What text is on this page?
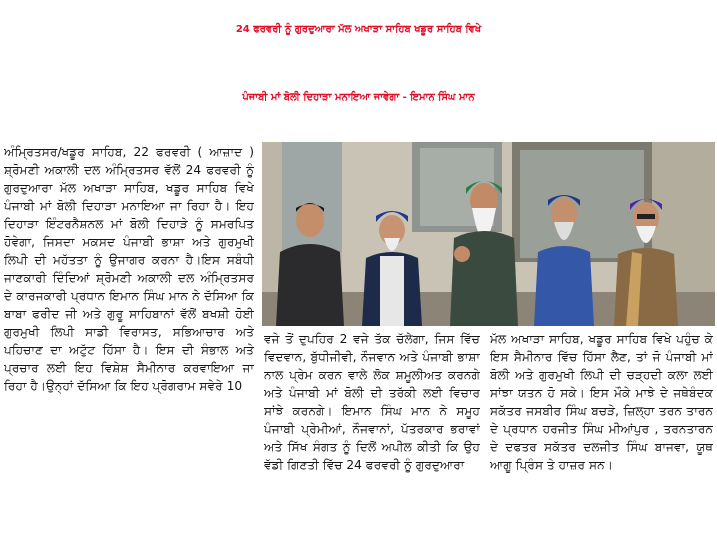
24 ਫਰਵਰੀ ਨੂੰ ਗੁਰਦੁਆਰਾ ਮੱਲ ਅਖਾੜਾ ਸਾਹਿਬ ਖਡੂਰ ਸਾਹਿਬ ਵਿਖੇ
ਪੰਜਾਬੀ ਮਾਂ ਬੋਲੀ ਦਿਹਾੜਾ ਮਨਾਇਆ ਜਾਵੇਗਾ - ਇਮਾਨ ਸਿੰਘ ਮਾਨ
ਅੰਮ੍ਰਿਤਸਰ/ਖਡੂਰ ਸਾਹਿਬ, 22 ਫਰਵਰੀ ( ਆਜ਼ਾਦ ) ਸ਼੍ਰੋਮਣੀ ਅਕਾਲੀ ਦਲ ਅੰਮ੍ਰਿਤਸਰ ਵੱਲੋਂ 24 ਫਰਵਰੀ ਨੂੰ ਗੁਰਦੁਆਰਾ ਮੱਲ ਅਖਾੜਾ ਸਾਹਿਬ, ਖਡੂਰ ਸਾਹਿਬ ਵਿਖੇ ਪੰਜਾਬੀ ਮਾਂ ਬੋਲੀ ਦਿਹਾੜਾ ਮਨਾਇਆ ਜਾ ਰਿਹਾ ਹੈ। ਇਹ ਦਿਹਾੜਾ ਇੰਟਰਨੈਸ਼ਨਲ ਮਾਂ ਬੋਲੀ ਦਿਹਾੜੇ ਨੂੰ ਸਮਰਪਿਤ ਹੋਵੇਗਾ, ਜਿਸਦਾ ਮਕਸਦ ਪੰਜਾਬੀ ਭਾਸ਼ਾ ਅਤੇ ਗੁਰਮੁਖੀ ਲਿਪੀ ਦੀ ਮਹੱਤਤਾ ਨੂੰ ਉਜਾਗਰ ਕਰਨਾ ਹੈ।ਇਸ ਸਬੰਧੀ ਜਾਣਕਾਰੀ ਦਿੰਦਿਆਂ ਸ਼੍ਰੋਮਣੀ ਅਕਾਲੀ ਦਲ ਅੰਮ੍ਰਿਤਸਰ ਦੇ ਕਾਰਜਕਾਰੀ ਪ੍ਰਧਾਨ ਇਮਾਨ ਸਿੰਘ ਮਾਨ ਨੇ ਦੱਸਿਆ ਕਿ ਬਾਬਾ ਫਰੀਦ ਜੀ ਅਤੇ ਗੁਰੂ ਸਾਹਿਬਾਨਾਂ ਵੱਲੋਂ ਬਖਸ਼ੀ ਹੋਈ ਗੁਰਮੁਖੀ ਲਿਪੀ ਸਾਡੀ ਵਿਰਾਸਤ, ਸਭਿਆਚਾਰ ਅਤੇ ਪਹਿਚਾਣ ਦਾ ਅਟੁੱਟ ਹਿੱਸਾ ਹੈ। ਇਸ ਦੀ ਸੰਭਾਲ ਅਤੇ ਪ੍ਰਚਾਰ ਲਈ ਇਹ ਵਿਸ਼ੇਸ਼ ਸੈਮੀਨਾਰ ਕਰਵਾਇਆ ਜਾ ਰਿਹਾ ਹੈ।ਉਨ੍ਹਾਂ ਦੱਸਿਆ ਕਿ ਇਹ ਪ੍ਰੋਗਰਾਮ ਸਵੇਰੇ 10
ਵਜੇ ਤੋਂ ਦੁਪਹਿਰ 2 ਵਜੇ ਤੱਕ ਚੱਲੇਗਾ, ਜਿਸ ਵਿੱਚ ਵਿਦਵਾਨ, ਬੁੱਧੀਜੀਵੀ, ਨੌਜਵਾਨ ਅਤੇ ਪੰਜਾਬੀ ਭਾਸ਼ਾ ਨਾਲ ਪ੍ਰੇਮ ਕਰਨ ਵਾਲੇ ਲੋਕ ਸ਼ਮੂਲੀਅਤ ਕਰਨਗੇ ਅਤੇ ਪੰਜਾਬੀ ਮਾਂ ਬੋਲੀ ਦੀ ਤਰੱਕੀ ਲਈ ਵਿਚਾਰ ਸਾਂਝੇ ਕਰਨਗੇ। ਇਮਾਨ ਸਿੰਘ ਮਾਨ ਨੇ ਸਮੂਹ ਪੰਜਾਬੀ ਪ੍ਰੇਮੀਆਂ, ਨੌਜਵਾਨਾਂ, ਪੱਤਰਕਾਰ ਭਰਾਵਾਂ ਅਤੇ ਸਿੱਖ ਸੰਗਤ ਨੂੰ ਦਿਲੋਂ ਅਪੀਲ ਕੀਤੀ ਕਿ ਉਹ ਵੱਡੀ ਗਿਣਤੀ ਵਿੱਚ 24 ਫਰਵਰੀ ਨੂੰ ਗੁਰਦੁਆਰਾ
ਮੱਲ ਅਖਾੜਾ ਸਾਹਿਬ, ਖਡੂਰ ਸਾਹਿਬ ਵਿਖੇ ਪਹੁੰਚ ਕੇ ਇਸ ਸੈਮੀਨਾਰ ਵਿੱਚ ਹਿੱਸਾ ਲੈਣ, ਤਾਂ ਜੋ ਪੰਜਾਬੀ ਮਾਂ ਬੋਲੀ ਅਤੇ ਗੁਰਮੁਖੀ ਲਿਪੀ ਦੀ ਚੜ੍ਹਦੀ ਕਲਾ ਲਈ ਸਾਂਝਾ ਯਤਨ ਹੋ ਸਕੇ। ਇਸ ਮੌਕੇ ਮਾਝੇ ਦੇ ਜਥੇਬੰਦਕ ਸਕੱਤਰ ਜਸਬੀਰ ਸਿੰਘ ਬਚੜੇ, ਜ਼ਿਲ੍ਹਾ ਤਰਨ ਤਾਰਨ ਦੇ ਪ੍ਰਧਾਨ ਹਰਜੀਤ ਸਿੰਘ ਮੀਆਂਪੁਰ , ਤਰਨਤਾਰਨ ਦੇ ਦਫਤਰ ਸਕੱਤਰ ਦਲਜੀਤ ਸਿੰਘ ਬਾਜਵਾ, ਯੂਥ ਆਗੂ ਪ੍ਰਿੰਸ ਤੇ ਹਾਜ਼ਰ ਸਨ।
